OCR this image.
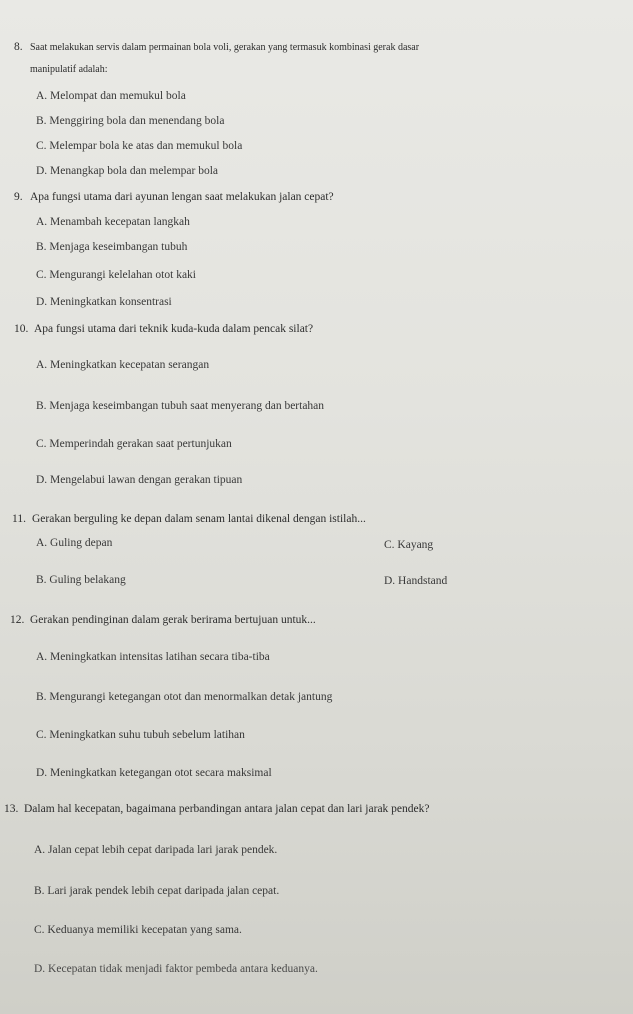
8. Saat melakukan servis dalam permainan bola voli, gerakan yang termasuk kombinasi gerak dasar
manipulatif adalah:
A. Melompat dan memukul bola
B. Menggiring bola dan menendang bola
C. Melempar bola ke atas dan memukul bola
D. Menangkap bola dan melempar bola
9. Apa fungsi utama dari ayunan lengan saat melakukan jalan cepat?
A. Menambah kecepatan langkah
B. Menjaga keseimbangan tubuh
C. Mengurangi kelelahan otot kaki
D. Meningkatkan konsentrasi
10. Apa fungsi utama dari teknik kuda-kuda dalam pencak silat?
A. Meningkatkan kecepatan serangan
B. Menjaga keseimbangan tubuh saat menyerang dan bertahan
C. Memperindah gerakan saat pertunjukan
D. Mengelabui lawan dengan gerakan tipuan
11. Gerakan berguling ke depan dalam senam lantai dikenal dengan istilah...
A. Guling depan	C. Kayang
B. Guling belakang	D. Handstand
12. Gerakan pendinginan dalam gerak berirama bertujuan untuk...
A. Meningkatkan intensitas latihan secara tiba-tiba
B. Mengurangi ketegangan otot dan menormalkan detak jantung
C. Meningkatkan suhu tubuh sebelum latihan
D. Meningkatkan ketegangan otot secara maksimal
13. Dalam hal kecepatan, bagaimana perbandingan antara jalan cepat dan lari jarak pendek?
A. Jalan cepat lebih cepat daripada lari jarak pendek.
B. Lari jarak pendek lebih cepat daripada jalan cepat.
C. Keduanya memiliki kecepatan yang sama.
D. Kecepatan tidak menjadi faktor pembeda antara keduanya.
